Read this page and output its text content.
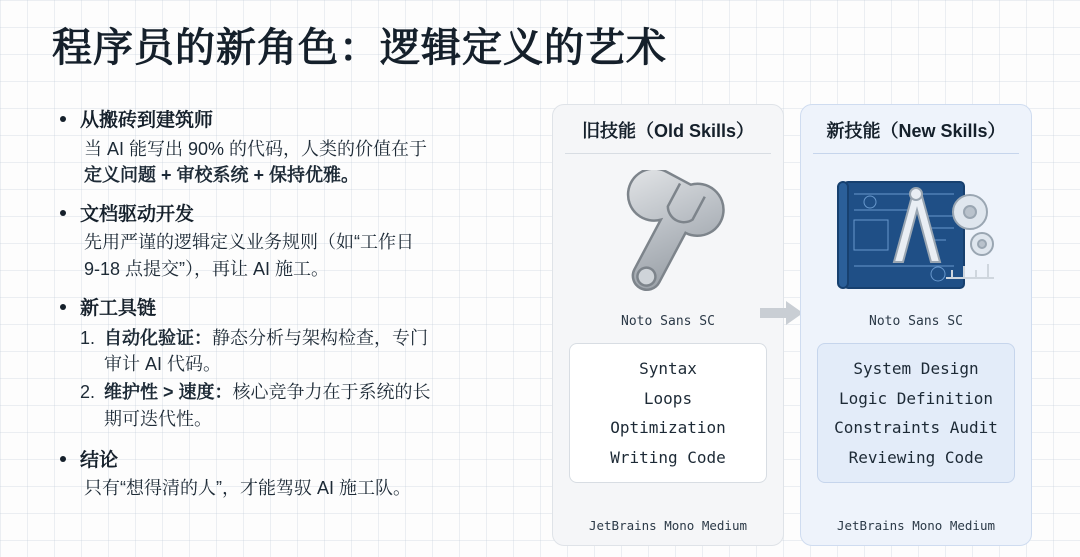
程序员的新角色：逻辑定义的艺术
从搬砖到建筑师
当 AI 能写出 90% 的代码，人类的价值在于
定义问题 + 审校系统 + 保持优雅。
文档驱动开发
先用严谨的逻辑定义业务规则（如“工作日
9-18 点提交”），再让 AI 施工。
新工具链
1. 自动化验证：静态分析与架构检查，专门
审计 AI 代码。
2. 维护性 > 速度：核心竞争力在于系统的长
期可迭代性。
结论
只有“想得清的人”，才能驾驭 AI 施工队。
旧技能（Old Skills）
Noto Sans SC
Syntax
Loops
Optimization
Writing Code
JetBrains Mono Medium
新技能（New Skills）
Noto Sans SC
System Design
Logic Definition
Constraints Audit
Reviewing Code
JetBrains Mono Medium
